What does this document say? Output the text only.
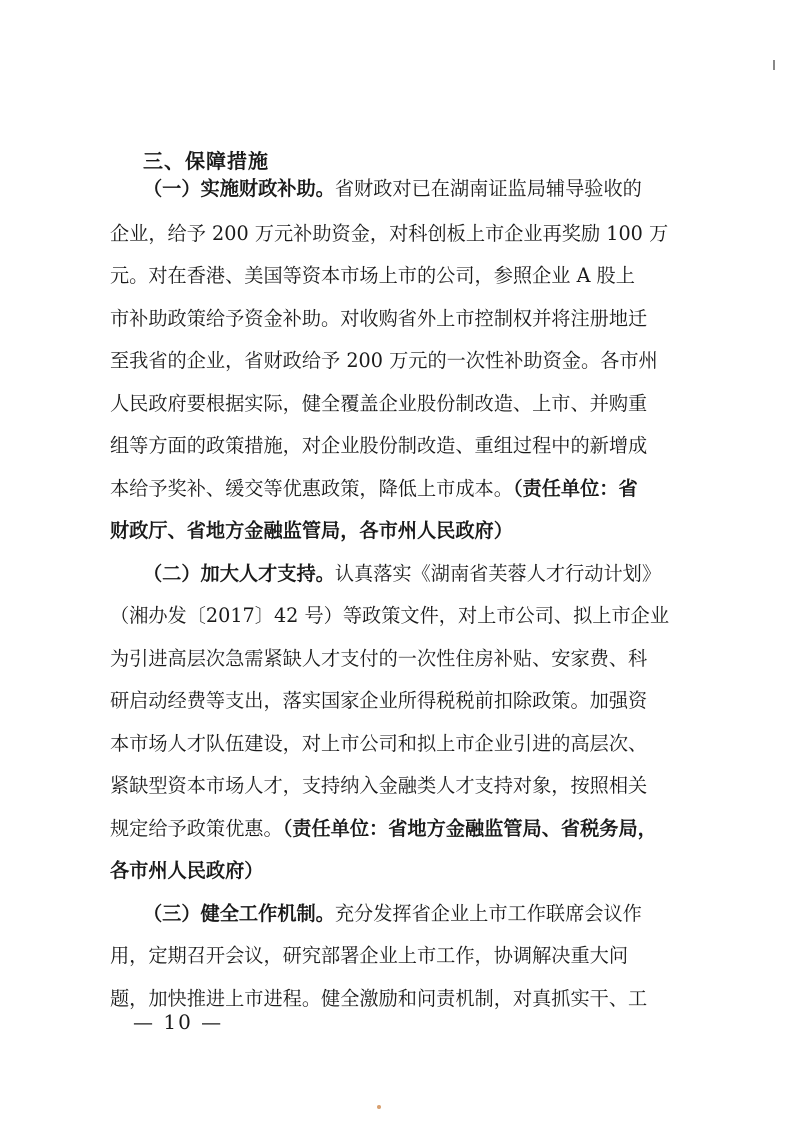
三、保障措施
（一）实施财政补助。省财政对已在湖南证监局辅导验收的
企业，给予 200 万元补助资金，对科创板上市企业再奖励 100 万
元。对在香港、美国等资本市场上市的公司，参照企业 A 股上
市补助政策给予资金补助。对收购省外上市控制权并将注册地迁
至我省的企业，省财政给予 200 万元的一次性补助资金。各市州
人民政府要根据实际，健全覆盖企业股份制改造、上市、并购重
组等方面的政策措施，对企业股份制改造、重组过程中的新增成
本给予奖补、缓交等优惠政策，降低上市成本。（责任单位：省
财政厅、省地方金融监管局，各市州人民政府）
（二）加大人才支持。认真落实《湖南省芙蓉人才行动计划》
（湘办发〔2017〕42 号）等政策文件，对上市公司、拟上市企业
为引进高层次急需紧缺人才支付的一次性住房补贴、安家费、科
研启动经费等支出，落实国家企业所得税税前扣除政策。加强资
本市场人才队伍建设，对上市公司和拟上市企业引进的高层次、
紧缺型资本市场人才，支持纳入金融类人才支持对象，按照相关
规定给予政策优惠。（责任单位：省地方金融监管局、省税务局，
各市州人民政府）
（三）健全工作机制。充分发挥省企业上市工作联席会议作
用，定期召开会议，研究部署企业上市工作，协调解决重大问
题，加快推进上市进程。健全激励和问责机制，对真抓实干、工
— 10 —
